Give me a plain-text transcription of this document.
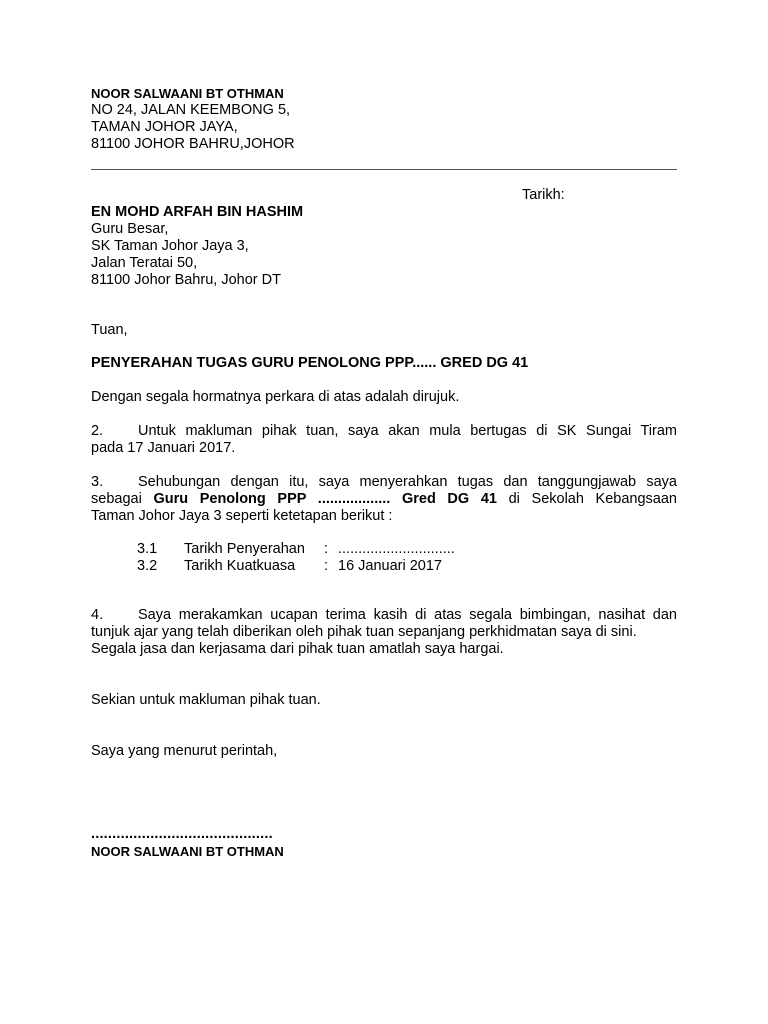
NOOR SALWAANI BT OTHMAN
NO 24, JALAN KEEMBONG 5,
TAMAN JOHOR JAYA,
81100 JOHOR BAHRU,JOHOR
Tarikh:
EN MOHD ARFAH BIN HASHIM
Guru Besar,
SK Taman Johor Jaya 3,
Jalan Teratai 50,
81100 Johor Bahru, Johor DT
Tuan,
PENYERAHAN TUGAS GURU PENOLONG PPP...... GRED DG 41
Dengan segala hormatnya perkara di atas adalah dirujuk.
2. Untuk makluman pihak tuan, saya akan mula bertugas di SK Sungai Tiram
pada 17 Januari 2017.
3. Sehubungan dengan itu, saya menyerahkan tugas dan tanggungjawab saya
sebagai Guru Penolong PPP .................. Gred DG 41 di Sekolah Kebangsaan
Taman Johor Jaya 3 seperti ketetapan berikut :
3.1 Tarikh Penyerahan : .............................
3.2 Tarikh Kuatkuasa : 16 Januari 2017
4. Saya merakamkan ucapan terima kasih di atas segala bimbingan, nasihat dan
tunjuk ajar yang telah diberikan oleh pihak tuan sepanjang perkhidmatan saya di sini.
Segala jasa dan kerjasama dari pihak tuan amatlah saya hargai.
Sekian untuk makluman pihak tuan.
Saya yang menurut perintah,
...........................................
NOOR SALWAANI BT OTHMAN
